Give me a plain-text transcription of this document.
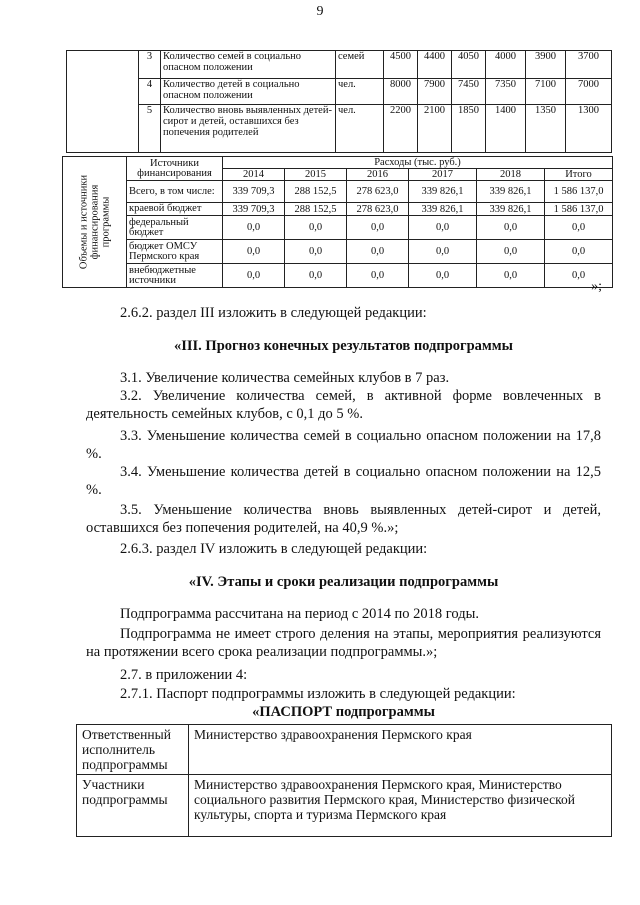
9
	3	Количество семей в социально опасном положении	семей	4500	4400	4050	4000	3900	3700
	4	Количество детей в социально опасном положении	чел.	8000	7900	7450	7350	7100	7000
	5	Количество вновь выявленных детей-сирот и детей, оставшихся без попечения родителей	чел.	2200	2100	1850	1400	1350	1300
Объемы и источники финансирования программы	Источники финансирования	Расходы (тыс. руб.)					
		2014	2015	2016	2017	2018	Итого
	Всего, в том числе:	339 709,3	288 152,5	278 623,0	339 826,1	339 826,1	1 586 137,0
	краевой бюджет	339 709,3	288 152,5	278 623,0	339 826,1	339 826,1	1 586 137,0
	федеральный бюджет	0,0	0,0	0,0	0,0	0,0	0,0
	бюджет ОМСУ Пермского края	0,0	0,0	0,0	0,0	0,0	0,0
	внебюджетные источники	0,0	0,0	0,0	0,0	0,0	0,0
»;

2.6.2. раздел III изложить в следующей редакции:

«III. Прогноз конечных результатов подпрограммы

3.1. Увеличение количества семейных клубов в 7 раз.

3.2. Увеличение количества семей, в активной форме вовлеченных в деятельность семейных клубов, с 0,1 до 5 %.

3.3. Уменьшение количества семей в социально опасном положении на 17,8 %.

3.4. Уменьшение количества детей в социально опасном положении на 12,5 %.

3.5. Уменьшение количества вновь выявленных детей-сирот и детей, оставшихся без попечения родителей, на 40,9 %.»;

2.6.3. раздел IV изложить в следующей редакции:

«IV. Этапы и сроки реализации подпрограммы

Подпрограмма рассчитана на период с 2014 по 2018 годы.

Подпрограмма не имеет строго деления на этапы, мероприятия реализуются на протяжении всего срока реализации подпрограммы.»;

2.7. в приложении 4:

2.7.1. Паспорт подпрограммы изложить в следующей редакции:

«ПАСПОРТ подпрограммы

Ответственный исполнитель подпрограммы	Министерство здравоохранения Пермского края
Участники подпрограммы	Министерство здравоохранения Пермского края, Министерство социального развития Пермского края, Министерство физической культуры, спорта и туризма Пермского края
